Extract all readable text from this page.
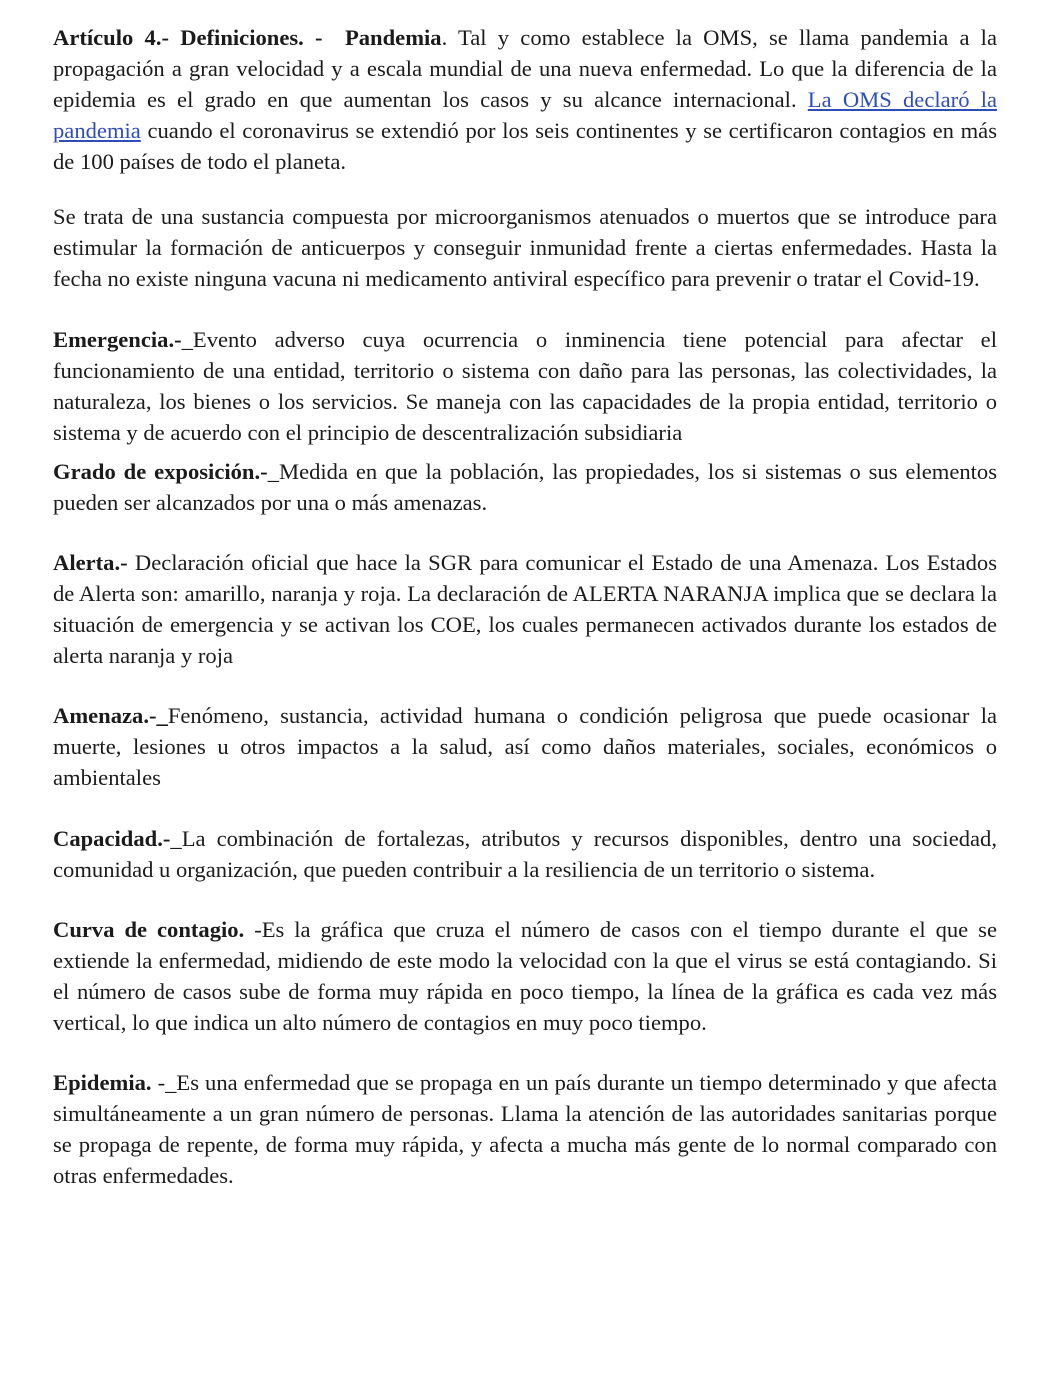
Artículo 4.- Definiciones. - Pandemia. Tal y como establece la OMS, se llama pandemia a la propagación a gran velocidad y a escala mundial de una nueva enfermedad. Lo que la diferencia de la epidemia es el grado en que aumentan los casos y su alcance internacional. La OMS declaró la pandemia cuando el coronavirus se extendió por los seis continentes y se certificaron contagios en más de 100 países de todo el planeta.

Se trata de una sustancia compuesta por microorganismos atenuados o muertos que se introduce para estimular la formación de anticuerpos y conseguir inmunidad frente a ciertas enfermedades. Hasta la fecha no existe ninguna vacuna ni medicamento antiviral específico para prevenir o tratar el Covid-19.

Emergencia.-_Evento adverso cuya ocurrencia o inminencia tiene potencial para afectar el funcionamiento de una entidad, territorio o sistema con daño para las personas, las colectividades, la naturaleza, los bienes o los servicios. Se maneja con las capacidades de la propia entidad, territorio o sistema y de acuerdo con el principio de descentralización subsidiaria

Grado de exposición.-_Medida en que la población, las propiedades, los si sistemas o sus elementos pueden ser alcanzados por una o más amenazas.

Alerta.- Declaración oficial que hace la SGR para comunicar el Estado de una Amenaza. Los Estados de Alerta son: amarillo, naranja y roja. La declaración de ALERTA NARANJA implica que se declara la situación de emergencia y se activan los COE, los cuales permanecen activados durante los estados de alerta naranja y roja

Amenaza.-_Fenómeno, sustancia, actividad humana o condición peligrosa que puede ocasionar la muerte, lesiones u otros impactos a la salud, así como daños materiales, sociales, económicos o ambientales

Capacidad.-_La combinación de fortalezas, atributos y recursos disponibles, dentro una sociedad, comunidad u organización, que pueden contribuir a la resiliencia de un territorio o sistema.

Curva de contagio. -Es la gráfica que cruza el número de casos con el tiempo durante el que se extiende la enfermedad, midiendo de este modo la velocidad con la que el virus se está contagiando. Si el número de casos sube de forma muy rápida en poco tiempo, la línea de la gráfica es cada vez más vertical, lo que indica un alto número de contagios en muy poco tiempo.

Epidemia. -_Es una enfermedad que se propaga en un país durante un tiempo determinado y que afecta simultáneamente a un gran número de personas. Llama la atención de las autoridades sanitarias porque se propaga de repente, de forma muy rápida, y afecta a mucha más gente de lo normal comparado con otras enfermedades.
